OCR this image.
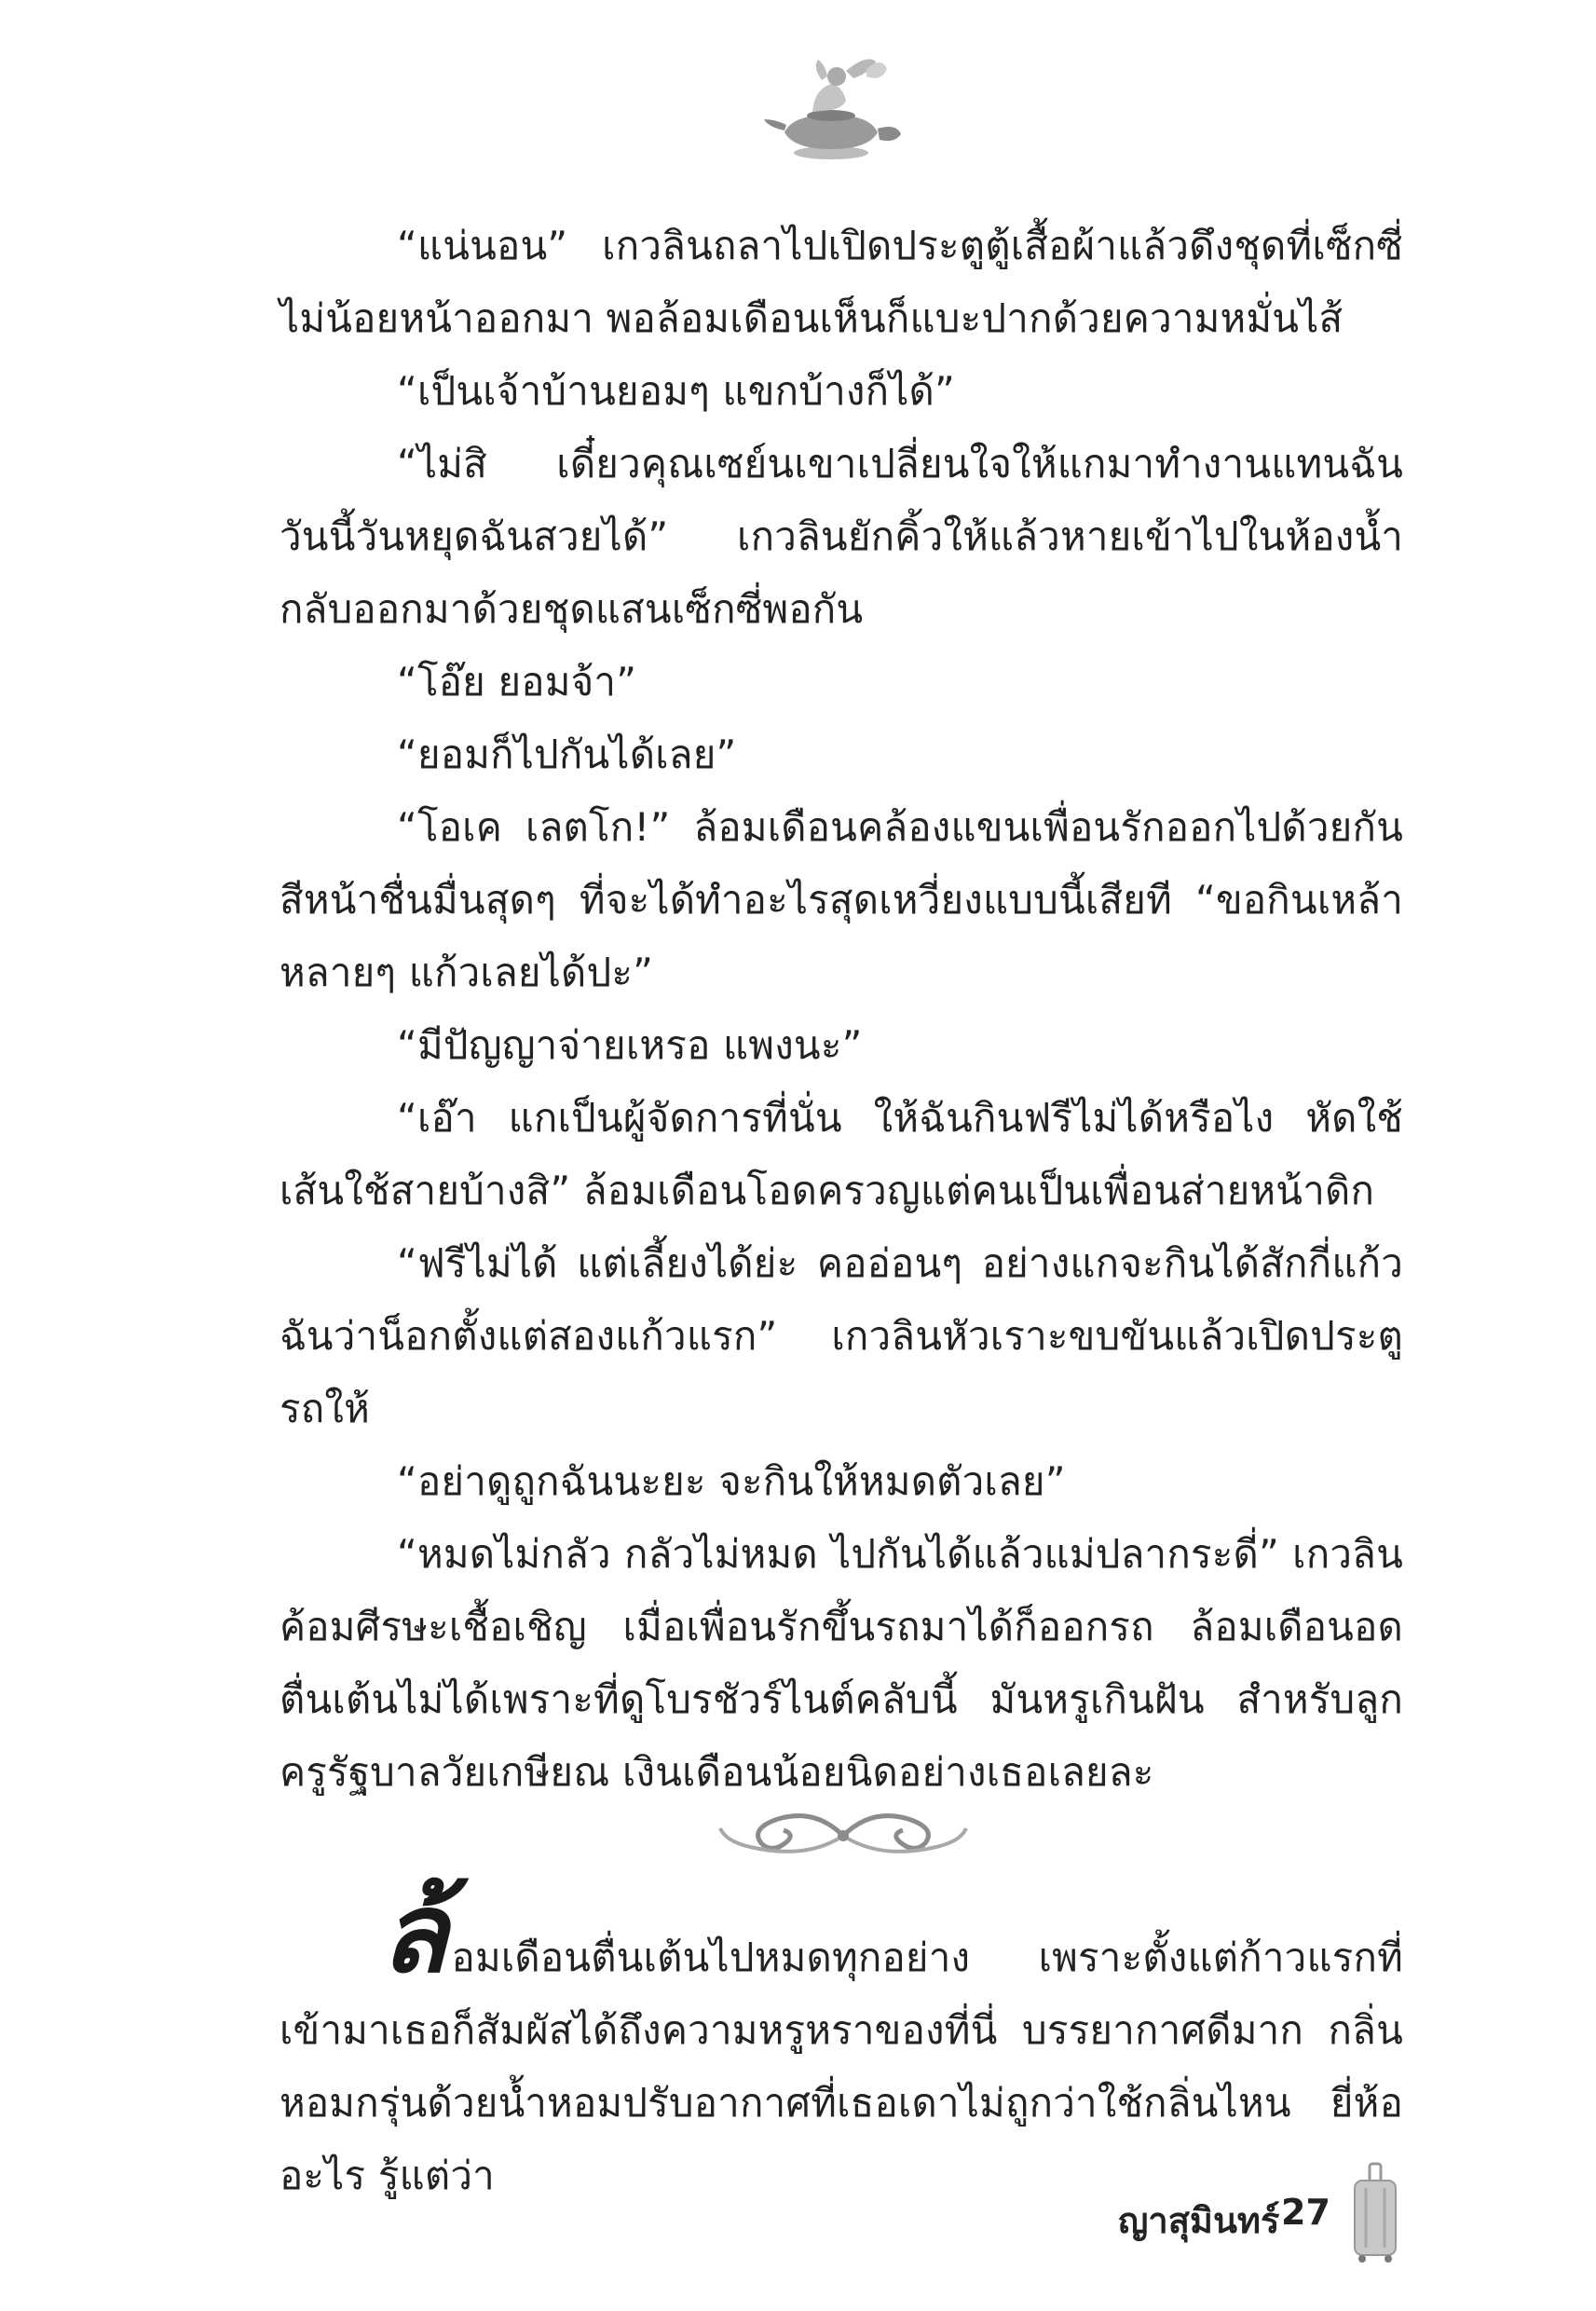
“แน่นอน” เกวลินถลาไปเปิดประตูตู้เสื้อผ้าแล้วดึงชุดที่เซ็กซี่ไม่น้อยหน้าออกมา พอล้อมเดือนเห็นก็แบะปากด้วยความหมั่นไส้

“เป็นเจ้าบ้านยอมๆ แขกบ้างก็ได้”

“ไม่สิ เดี๋ยวคุณเซย์นเขาเปลี่ยนใจให้แกมาทำงานแทนฉัน วันนี้วันหยุดฉันสวยได้” เกวลินยักคิ้วให้แล้วหายเข้าไปในห้องน้ำ กลับออกมาด้วยชุดแสนเซ็กซี่พอกัน

“โอ๊ย ยอมจ้า”

“ยอมก็ไปกันได้เลย”

“โอเค เลตโก!” ล้อมเดือนคล้องแขนเพื่อนรักออกไปด้วยกันสีหน้าชื่นมื่นสุดๆ ที่จะได้ทำอะไรสุดเหวี่ยงแบบนี้เสียที “ขอกินเหล้าหลายๆ แก้วเลยได้ปะ”

“มีปัญญาจ่ายเหรอ แพงนะ”

“เอ๊า แกเป็นผู้จัดการที่นั่น ให้ฉันกินฟรีไม่ได้หรือไง หัดใช้เส้นใช้สายบ้างสิ” ล้อมเดือนโอดครวญแต่คนเป็นเพื่อนส่ายหน้าดิก

“ฟรีไม่ได้ แต่เลี้ยงได้ย่ะ คออ่อนๆ อย่างแกจะกินได้สักกี่แก้วฉันว่าน็อกตั้งแต่สองแก้วแรก” เกวลินหัวเราะขบขันแล้วเปิดประตูรถให้

“อย่าดูถูกฉันนะยะ จะกินให้หมดตัวเลย”

“หมดไม่กลัว กลัวไม่หมด ไปกันได้แล้วแม่ปลากระดี่” เกวลินค้อมศีรษะเชื้อเชิญ เมื่อเพื่อนรักขึ้นรถมาได้ก็ออกรถ ล้อมเดือนอดตื่นเต้นไม่ได้เพราะที่ดูโบรชัวร์ไนต์คลับนี้ มันหรูเกินฝัน สำหรับลูกครูรัฐบาลวัยเกษียณ เงินเดือนน้อยนิดอย่างเธอเลยละ

ล้อมเดือนตื่นเต้นไปหมดทุกอย่าง เพราะตั้งแต่ก้าวแรกที่เข้ามาเธอก็สัมผัสได้ถึงความหรูหราของที่นี่ บรรยากาศดีมาก กลิ่นหอมกรุ่นด้วยน้ำหอมปรับอากาศที่เธอเดาไม่ถูกว่าใช้กลิ่นไหน ยี่ห้ออะไร รู้แต่ว่า

ญาสุมินทร์ 27
